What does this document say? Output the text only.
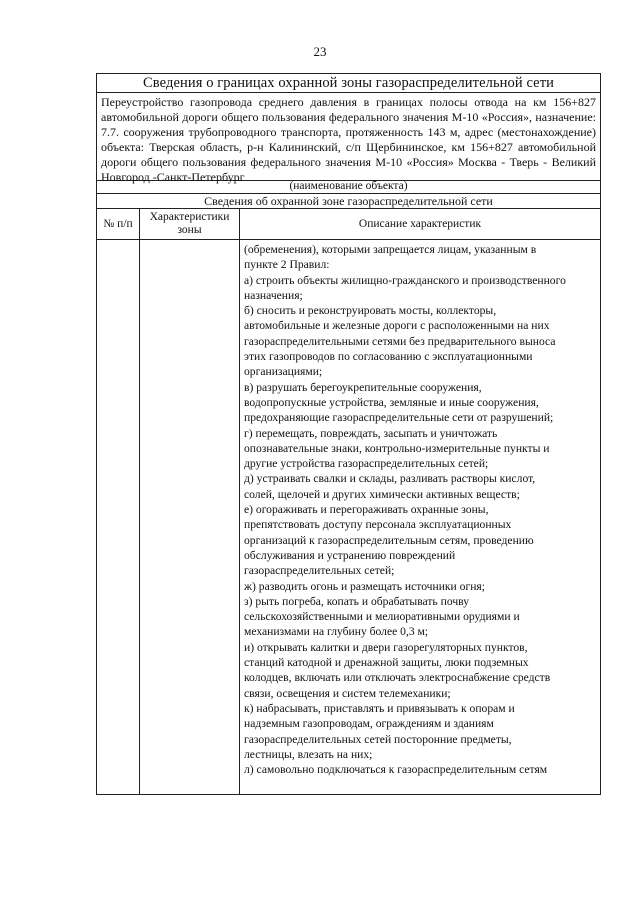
23
Сведения о границах охранной зоны газораспределительной сети
Переустройство газопровода среднего давления в границах полосы отвода на км 156+827 автомобильной дороги общего пользования федерального значения М-10 «Россия», назначение: 7.7. сооружения трубопроводного транспорта, протяженность 143 м, адрес (местонахождение) объекта: Тверская область, р-н Калининский, с/п Щербининское, км 156+827 автомобильной дороги общего пользования федерального значения М-10 «Россия» Москва - Тверь - Великий Новгород -Санкт-Петербург
(наименование объекта)
Сведения об охранной зоне газораспределительной сети
№ п/п
Характеристики зоны	Описание характеристик

(обременения), которыми запрещается лицам, указанным в

пункте 2 Правил:

а) строить объекты жилищно-гражданского и производственного

назначения;

б) сносить и реконструировать мосты, коллекторы,

автомобильные и железные дороги с расположенными на них

газораспределительными сетями без предварительного выноса

этих газопроводов по согласованию с эксплуатационными

организациями;

в) разрушать берегоукрепительные сооружения,

водопропускные устройства, земляные и иные сооружения,

предохраняющие газораспределительные сети от разрушений;

г) перемещать, повреждать, засыпать и уничтожать

опознавательные знаки, контрольно-измерительные пункты и

другие устройства газораспределительных сетей;

д) устраивать свалки и склады, разливать растворы кислот,

солей, щелочей и других химически активных веществ;

е) огораживать и перегораживать охранные зоны,

препятствовать доступу персонала эксплуатационных

организаций к газораспределительным сетям, проведению

обслуживания и устранению повреждений

газораспределительных сетей;

ж) разводить огонь и размещать источники огня;

з) рыть погреба, копать и обрабатывать почву

сельскохозяйственными и мелиоративными орудиями и

механизмами на глубину более 0,3 м;

и) открывать калитки и двери газорегуляторных пунктов,

станций катодной и дренажной защиты, люки подземных

колодцев, включать или отключать электроснабжение средств

связи, освещения и систем телемеханики;

к) набрасывать, приставлять и привязывать к опорам и

надземным газопроводам, ограждениям и зданиям

газораспределительных сетей посторонние предметы,

лестницы, влезать на них;

л) самовольно подключаться к газораспределительным сетям
